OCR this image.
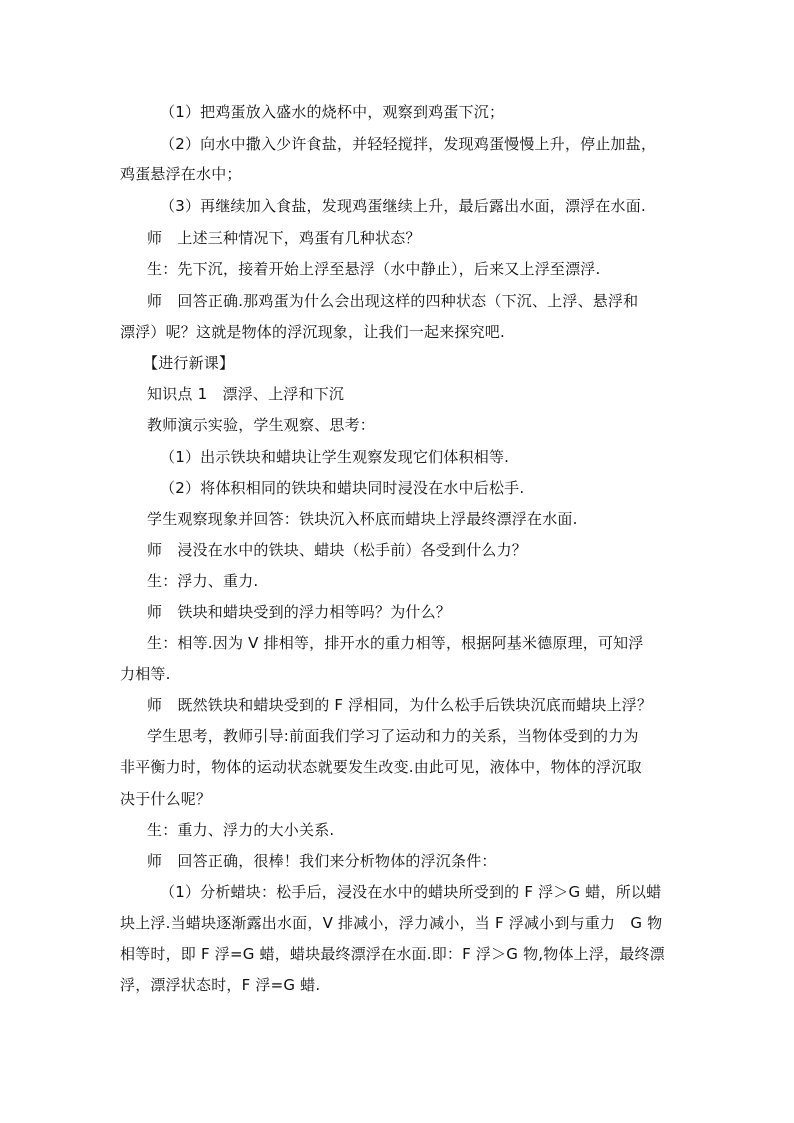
（1）把鸡蛋放入盛水的烧杯中，观察到鸡蛋下沉；
（2）向水中撒入少许食盐，并轻轻搅拌，发现鸡蛋慢慢上升，停止加盐，
鸡蛋悬浮在水中；
（3）再继续加入食盐，发现鸡蛋继续上升，最后露出水面，漂浮在水面.
师　上述三种情况下，鸡蛋有几种状态？
生：先下沉，接着开始上浮至悬浮（水中静止），后来又上浮至漂浮.
师　回答正确.那鸡蛋为什么会出现这样的四种状态（下沉、上浮、悬浮和
漂浮）呢？这就是物体的浮沉现象，让我们一起来探究吧.
【进行新课】
知识点 1　漂浮、上浮和下沉
教师演示实验，学生观察、思考：
（1）出示铁块和蜡块让学生观察发现它们体积相等.
（2）将体积相同的铁块和蜡块同时浸没在水中后松手.
学生观察现象并回答：铁块沉入杯底而蜡块上浮最终漂浮在水面.
师　浸没在水中的铁块、蜡块（松手前）各受到什么力？
生：浮力、重力.
师　铁块和蜡块受到的浮力相等吗？为什么？
生：相等.因为 V 排相等，排开水的重力相等，根据阿基米德原理，可知浮
力相等.
师　既然铁块和蜡块受到的 F 浮相同，为什么松手后铁块沉底而蜡块上浮？
学生思考，教师引导:前面我们学习了运动和力的关系，当物体受到的力为
非平衡力时，物体的运动状态就要发生改变.由此可见，液体中，物体的浮沉取
决于什么呢？
生：重力、浮力的大小关系.
师　回答正确，很棒！我们来分析物体的浮沉条件：
（1）分析蜡块：松手后，浸没在水中的蜡块所受到的 F 浮＞G 蜡，所以蜡
块上浮.当蜡块逐渐露出水面，V 排减小，浮力减小，当 F 浮减小到与重力　G 物
相等时，即 F 浮=G 蜡，蜡块最终漂浮在水面.即：F 浮＞G 物,物体上浮，最终漂
浮，漂浮状态时，F 浮=G 蜡.
